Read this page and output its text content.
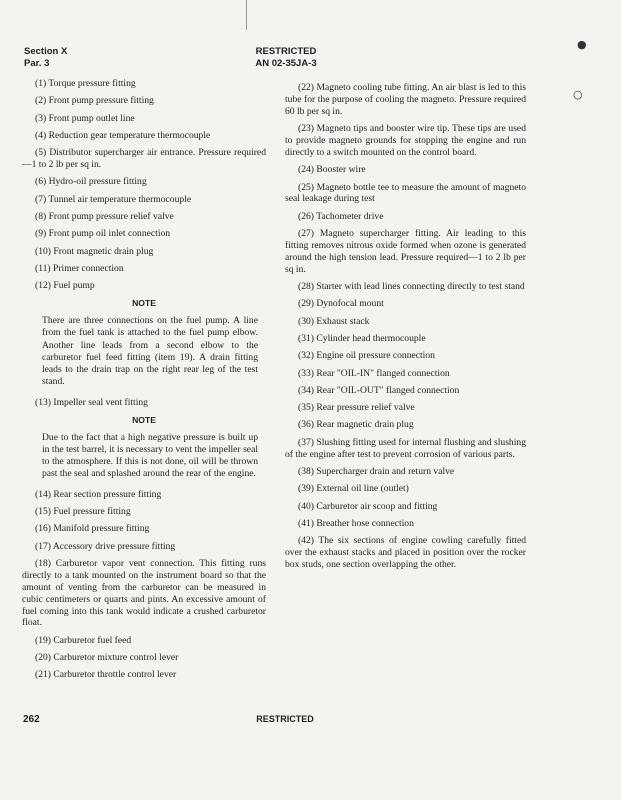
Section X
Par. 3
RESTRICTED
AN 02-35JA-3
●
○
(1) Torque pressure fitting
(2) Front pump pressure fitting
(3) Front pump outlet line
(4) Reduction gear temperature thermocouple
(5) Distributor supercharger air entrance. Pressure required—1 to 2 lb per sq in.
(6) Hydro-oil pressure fitting
(7) Tunnel air temperature thermocouple
(8) Front pump pressure relief valve
(9) Front pump oil inlet connection
(10) Front magnetic drain plug
(11) Primer connection
(12) Fuel pump
NOTE
There are three connections on the fuel pump. A line from the fuel tank is attached to the fuel pump elbow. Another line leads from a second elbow to the carburetor fuel feed fitting (item 19). A drain fitting leads to the drain trap on the right rear leg of the test stand.
(13) Impeller seal vent fitting
NOTE
Due to the fact that a high negative pressure is built up in the test barrel, it is necessary to vent the impeller seal to the atmosphere. If this is not done, oil will be thrown past the seal and splashed around the rear of the engine.
(14) Rear section pressure fitting
(15) Fuel pressure fitting
(16) Manifold pressure fitting
(17) Accessory drive pressure fitting
(18) Carburetor vapor vent connection. This fitting runs directly to a tank mounted on the instrument board so that the amount of venting from the carburetor can be measured in cubic centimeters or quarts and pints. An excessive amount of fuel coming into this tank would indicate a crushed carburetor float.
(19) Carburetor fuel feed
(20) Carburetor mixture control lever
(21) Carburetor throttle control lever
(22) Magneto cooling tube fitting. An air blast is led to this tube for the purpose of cooling the magneto. Pressure required 60 lb per sq in.
(23) Magneto tips and booster wire tip. These tips are used to provide magneto grounds for stopping the engine and run directly to a switch mounted on the control board.
(24) Booster wire
(25) Magneto bottle tee to measure the amount of magneto seal leakage during test
(26) Tachometer drive
(27) Magneto supercharger fitting. Air leading to this fitting removes nitrous oxide formed when ozone is generated around the high tension lead. Pressure required—1 to 2 lb per sq in.
(28) Starter with lead lines connecting directly to test stand
(29) Dynofocal mount
(30) Exhaust stack
(31) Cylinder head thermocouple
(32) Engine oil pressure connection
(33) Rear "OIL-IN" flanged connection
(34) Rear "OIL-OUT" flanged connection
(35) Rear pressure relief valve
(36) Rear magnetic drain plug
(37) Slushing fitting used for internal flushing and slushing of the engine after test to prevent corrosion of various parts.
(38) Supercharger drain and return valve
(39) External oil line (outlet)
(40) Carburetor air scoop and fitting
(41) Breather hose connection
(42) The six sections of engine cowling carefully fitted over the exhaust stacks and placed in position over the rocker box studs, one section overlapping the other.
262	RESTRICTED
